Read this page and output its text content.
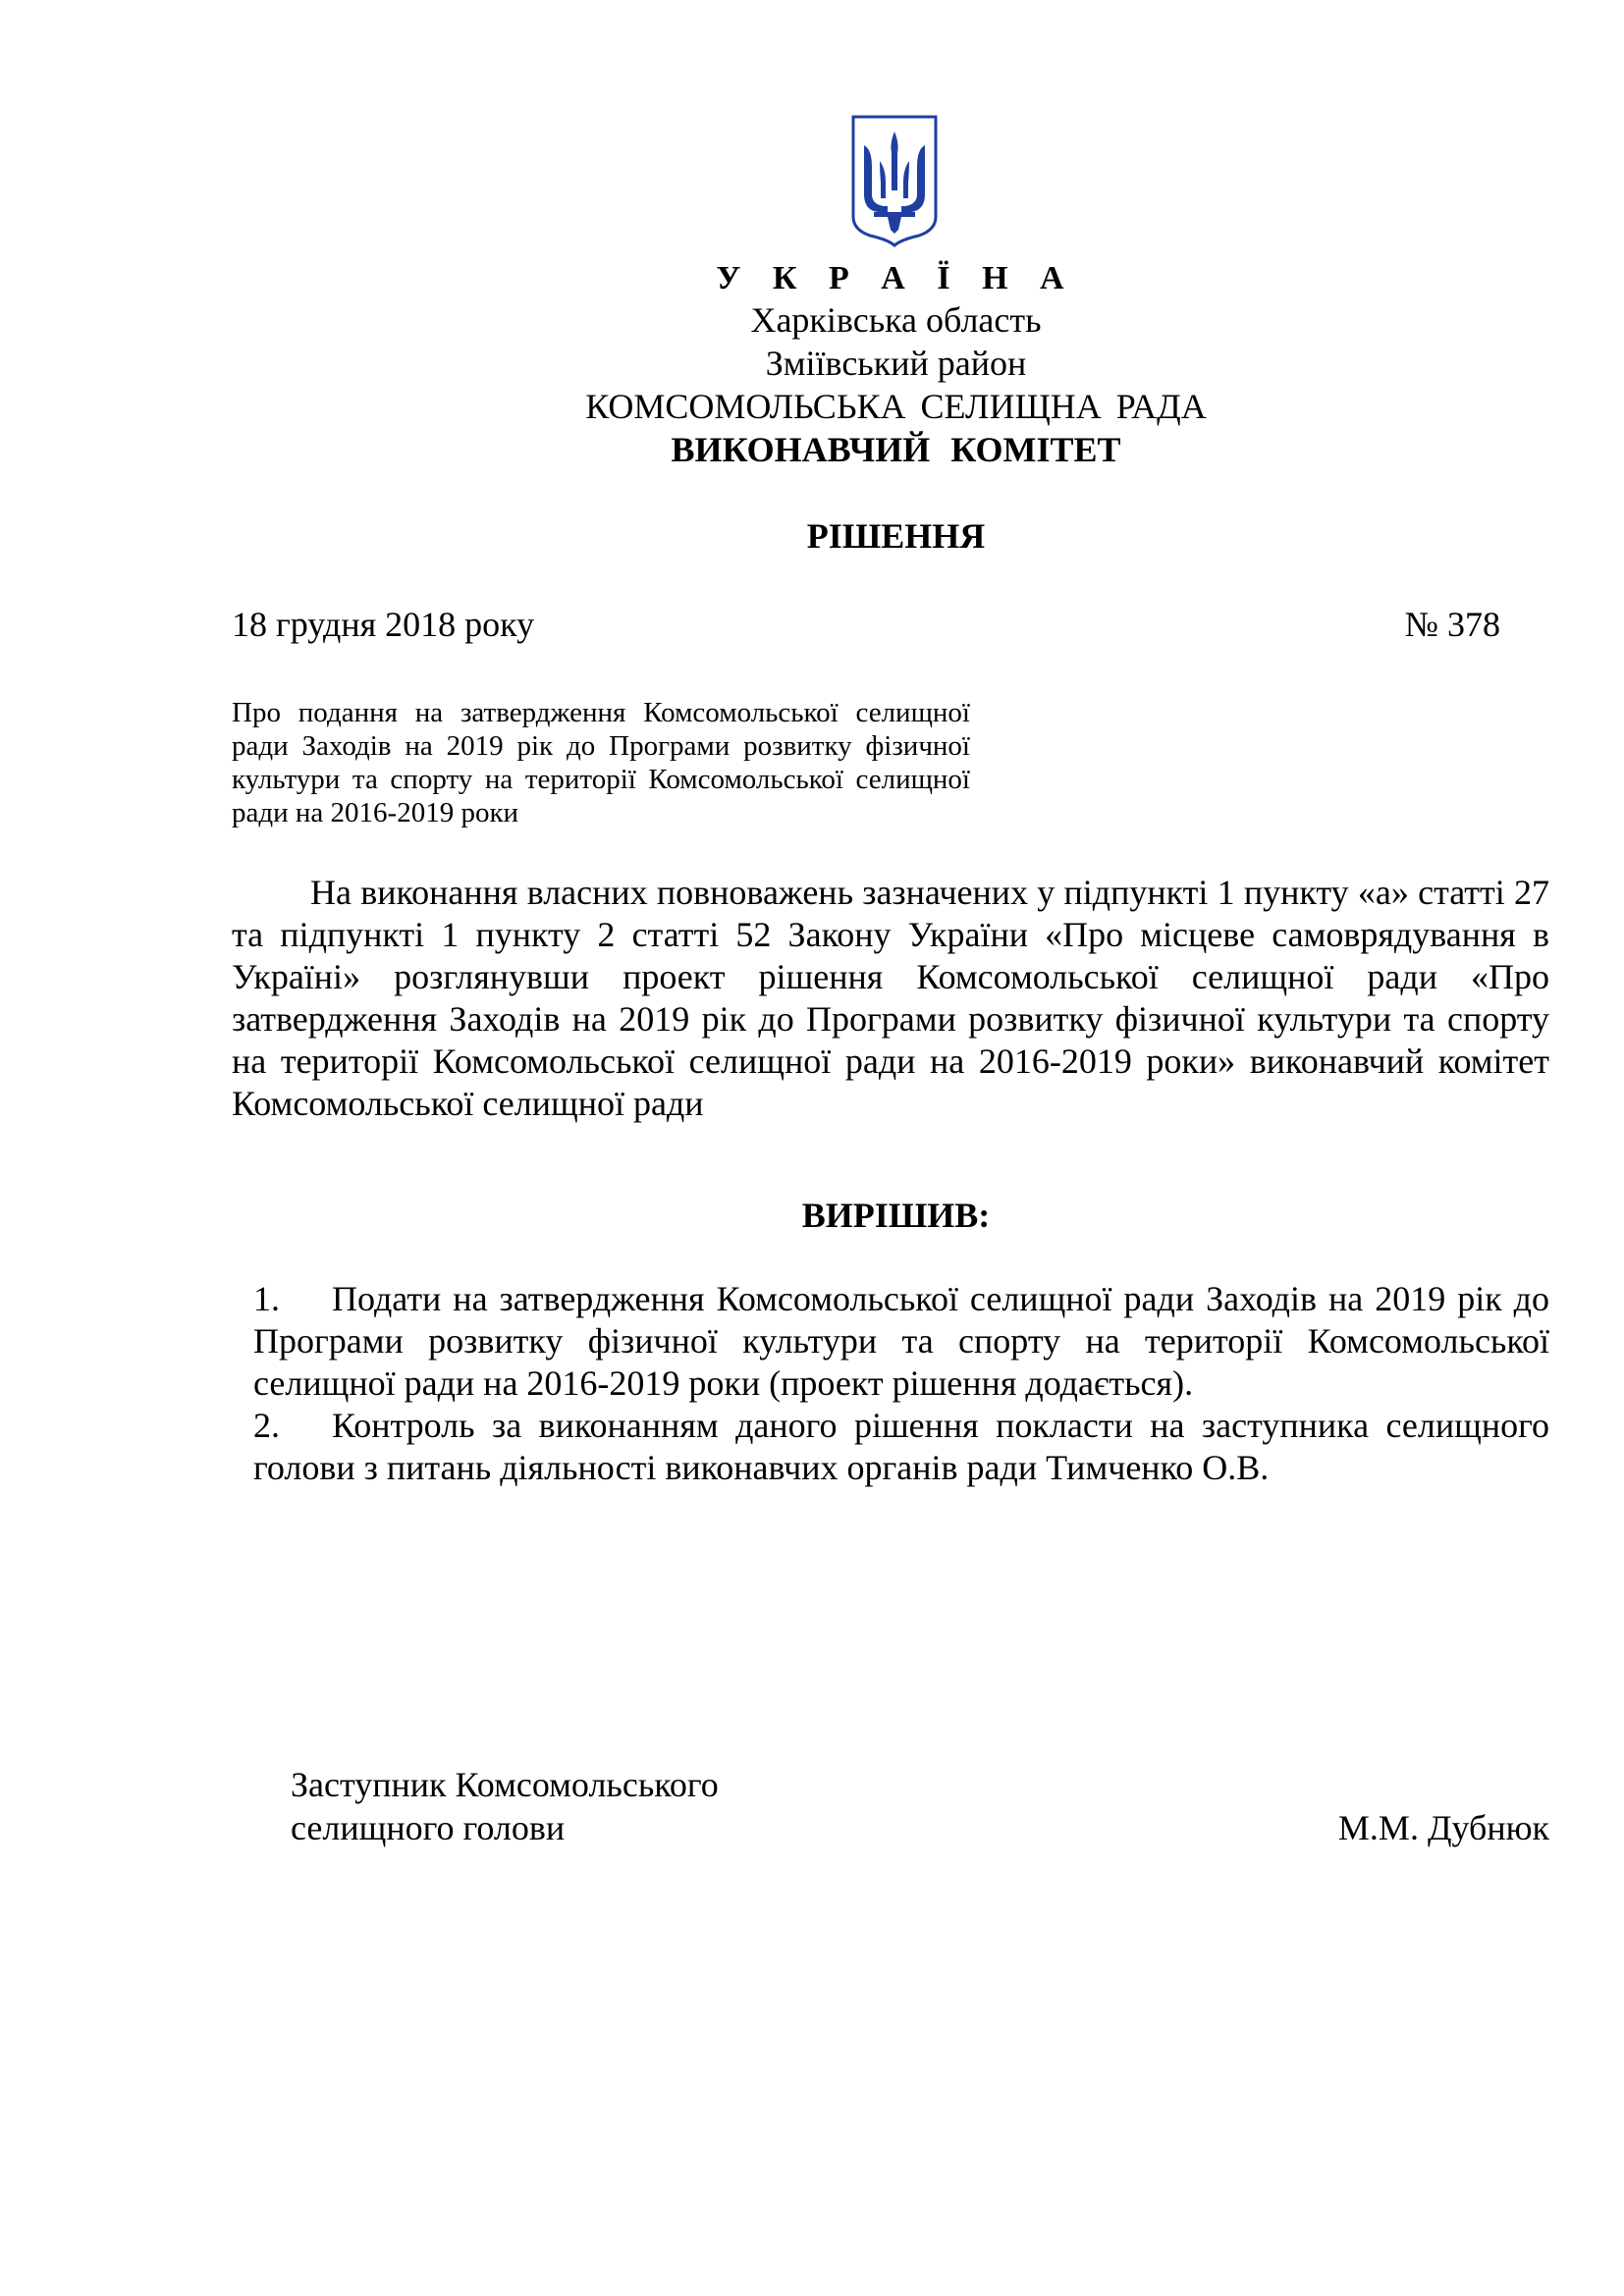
У К Р А Ї Н А
Харківська область
Зміївський район
КОМСОМОЛЬСЬКА СЕЛИЩНА РАДА
ВИКОНАВЧИЙ КОМІТЕТ
РІШЕННЯ
18 грудня 2018 року	№ 378
Про подання на затвердження Комсомольської селищної ради Заходів на 2019 рік до Програми розвитку фізичної культури та спорту на території Комсомольської селищної ради на 2016-2019 роки
На виконання власних повноважень зазначених у підпункті 1 пункту «а» статті 27 та підпункті 1 пункту 2 статті 52 Закону України «Про місцеве самоврядування в Україні» розглянувши проект рішення Комсомольської селищної ради «Про затвердження Заходів на 2019 рік до Програми розвитку фізичної культури та спорту на території Комсомольської селищної ради на 2016-2019 роки» виконавчий комітет Комсомольської селищної ради
ВИРІШИВ:
1. Подати на затвердження Комсомольської селищної ради Заходів на 2019 рік до Програми розвитку фізичної культури та спорту на території Комсомольської селищної ради на 2016-2019 роки (проект рішення додається).
2. Контроль за виконанням даного рішення покласти на заступника селищного голови з питань діяльності виконавчих органів ради Тимченко О.В.
Заступник Комсомольського
селищного голови	М.М. Дубнюк
